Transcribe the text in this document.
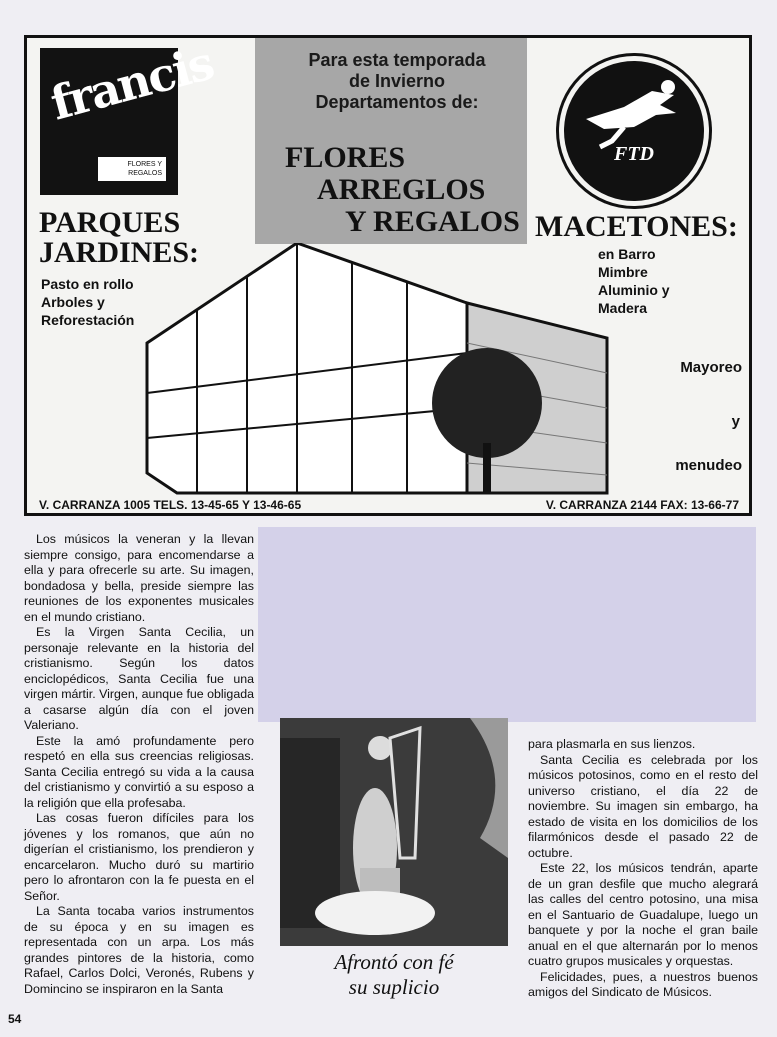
francis
FLORES Y REGALOS
Para esta temporada
de Invierno
Departamentos de:
FLORES
ARREGLOS
Y REGALOS
FTD
PARQUES
JARDINES:
Pasto en rollo
Arboles y
Reforestación
MACETONES:
en Barro
Mimbre
Aluminio y
Madera
Mayoreo
y
menudeo
V. CARRANZA 1005 TELS. 13-45-65 Y 13-46-65	V. CARRANZA 2144 FAX: 13-66-77

Los músicos la veneran y la llevan siempre consigo, para encomendarse a ella y para ofrecerle su arte. Su imagen, bondadosa y bella, preside siempre las reuniones de los exponentes musicales en el mundo cristiano.

Es la Virgen Santa Cecilia, un personaje relevante en la historia del cristianismo. Según los datos enciclopédicos, Santa Cecilia fue una virgen mártir. Virgen, aunque fue obligada a casarse algún día con el joven Valeriano.

Este la amó profundamente pero respetó en ella sus creencias religiosas. Santa Cecilia entregó su vida a la causa del cristianismo y convirtió a su esposo a la religión que ella profesaba.

Las cosas fueron difíciles para los jóvenes y los romanos, que aún no digerían el cristianismo, los prendieron y encarcelaron. Mucho duró su martirio pero lo afrontaron con la fe puesta en el Señor.

La Santa tocaba varios instrumentos de su época y en su imagen es representada con un arpa. Los más grandes pintores de la historia, como Rafael, Carlos Dolci, Veronés, Rubens y Domincino se inspiraron en la Santa

Afrontó con fé
su suplicio

para plasmarla en sus lienzos.

Santa Cecilia es celebrada por los músicos potosinos, como en el resto del universo cristiano, el día 22 de noviembre. Su imagen sin embargo, ha estado de visita en los domicilios de los filarmónicos desde el pasado 22 de octubre.

Este 22, los músicos tendrán, aparte de un gran desfile que mucho alegrará las calles del centro potosino, una misa en el Santuario de Guadalupe, luego un banquete y por la noche el gran baile anual en el que alternarán por lo menos cuatro grupos musicales y orquestas.

Felicidades, pues, a nuestros buenos amigos del Sindicato de Músicos.

54
